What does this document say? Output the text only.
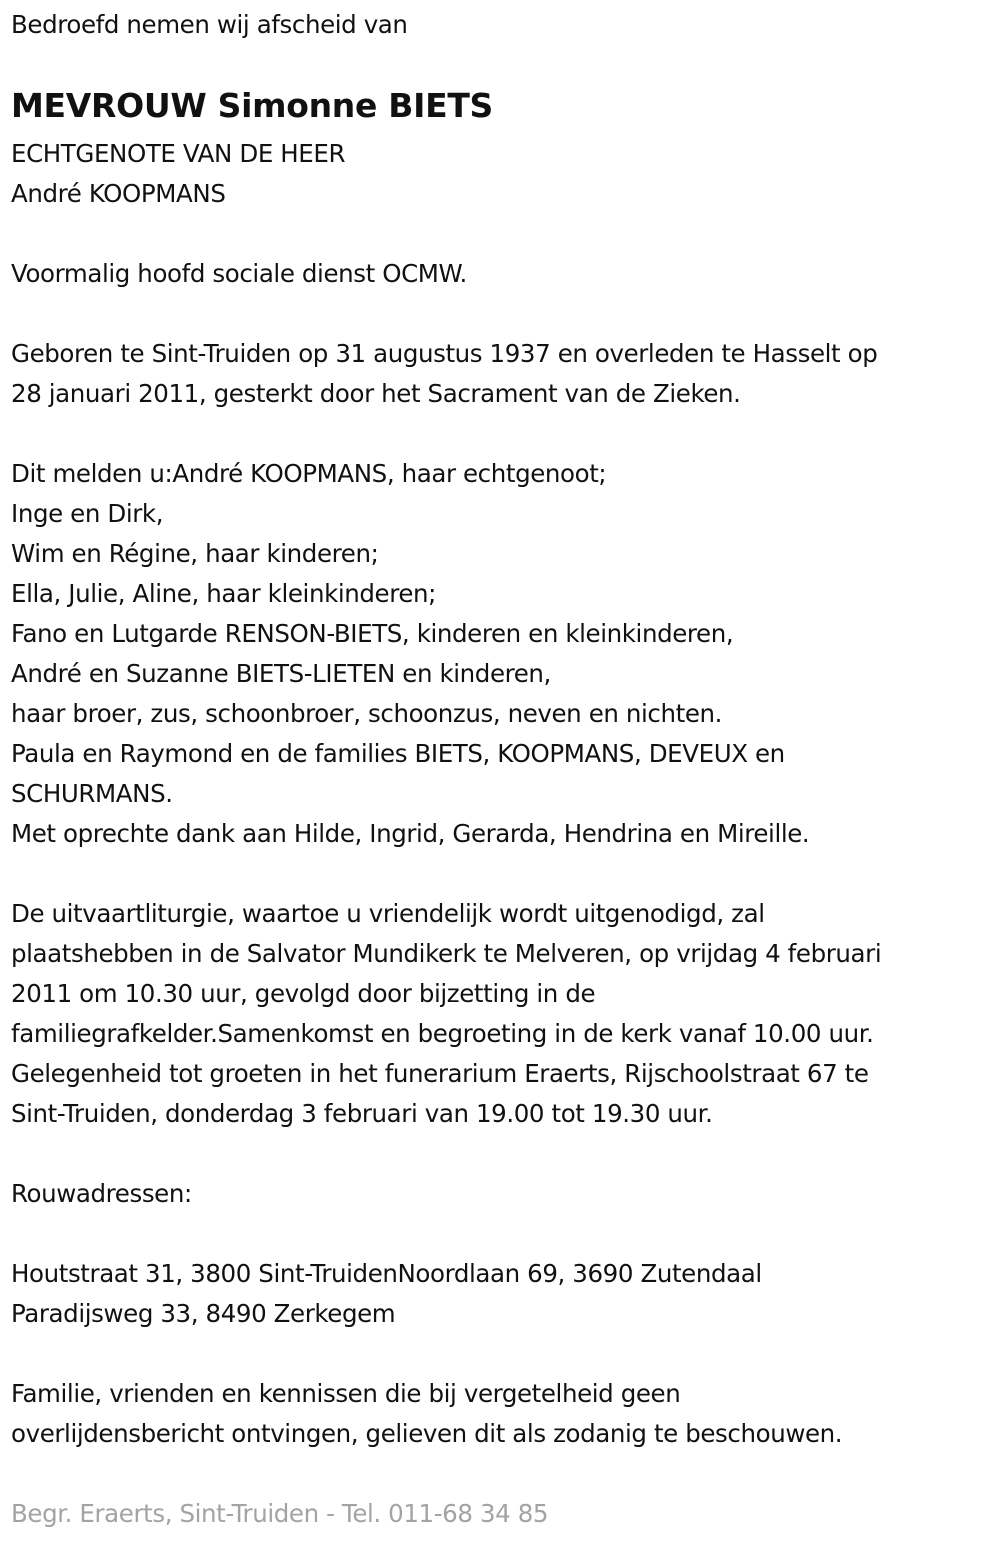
Bedroefd nemen wij afscheid van
MEVROUW Simonne BIETS
ECHTGENOTE VAN DE HEER
André KOOPMANS
Voormalig hoofd sociale dienst OCMW.
Geboren te Sint-Truiden op 31 augustus 1937 en overleden te Hasselt op
28 januari 2011, gesterkt door het Sacrament van de Zieken.
Dit melden u:André KOOPMANS, haar echtgenoot;
Inge en Dirk,
Wim en Régine, haar kinderen;
Ella, Julie, Aline, haar kleinkinderen;
Fano en Lutgarde RENSON-BIETS, kinderen en kleinkinderen,
André en Suzanne BIETS-LIETEN en kinderen,
haar broer, zus, schoonbroer, schoonzus, neven en nichten.
Paula en Raymond en de families BIETS, KOOPMANS, DEVEUX en
SCHURMANS.
Met oprechte dank aan Hilde, Ingrid, Gerarda, Hendrina en Mireille.
De uitvaartliturgie, waartoe u vriendelijk wordt uitgenodigd, zal
plaatshebben in de Salvator Mundikerk te Melveren, op vrijdag 4 februari
2011 om 10.30 uur, gevolgd door bijzetting in de
familiegrafkelder.Samenkomst en begroeting in de kerk vanaf 10.00 uur.
Gelegenheid tot groeten in het funerarium Eraerts, Rijschoolstraat 67 te
Sint-Truiden, donderdag 3 februari van 19.00 tot 19.30 uur.
Rouwadressen:
Houtstraat 31, 3800 Sint-TruidenNoordlaan 69, 3690 Zutendaal
Paradijsweg 33, 8490 Zerkegem
Familie, vrienden en kennissen die bij vergetelheid geen
overlijdensbericht ontvingen, gelieven dit als zodanig te beschouwen.
Begr. Eraerts, Sint-Truiden - Tel. 011-68 34 85
